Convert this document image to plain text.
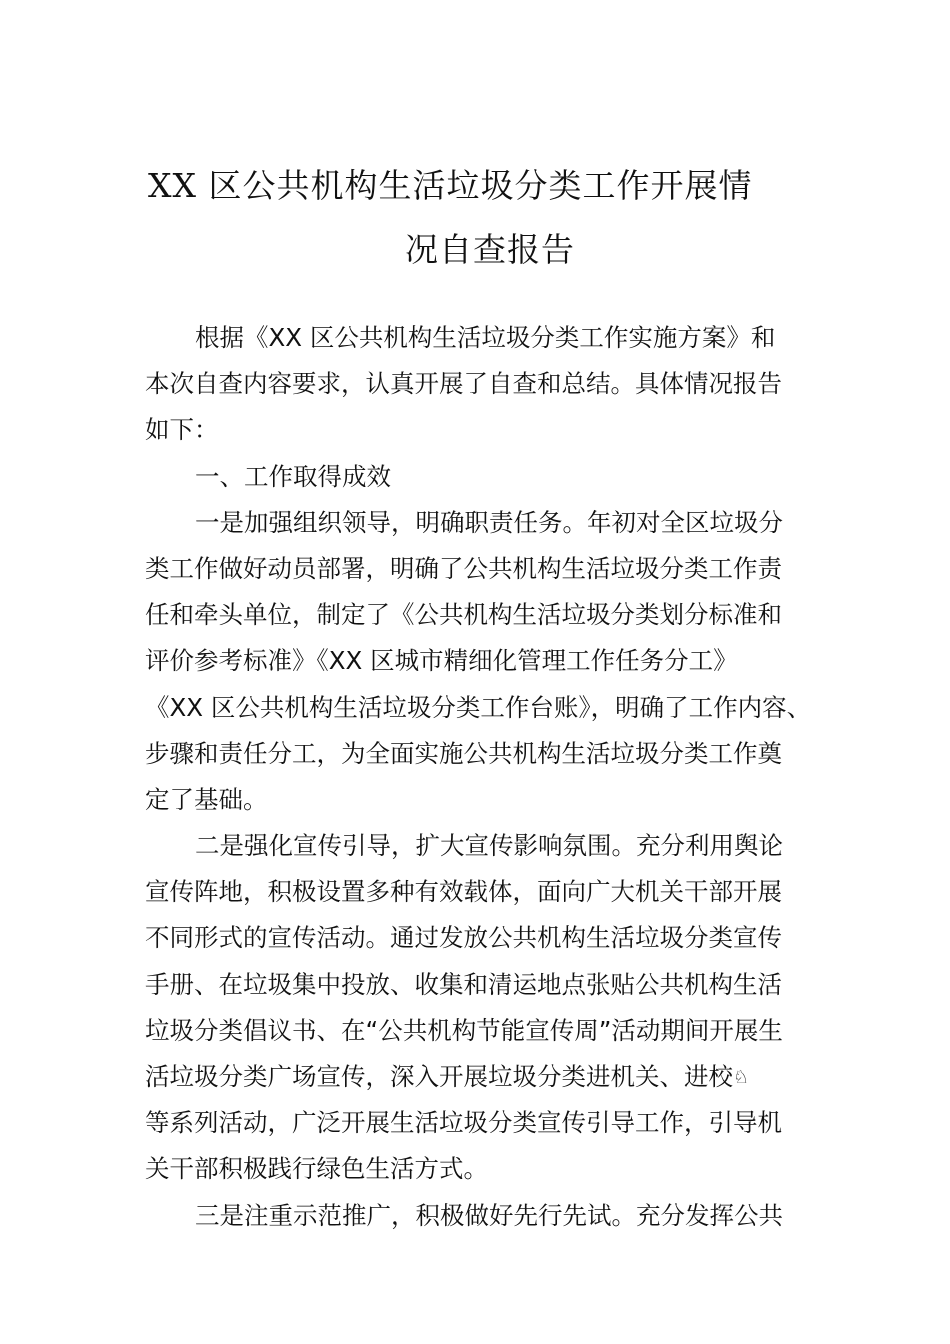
XX 区公共机构生活垃圾分类工作开展情
况自查报告
根据《XX 区公共机构生活垃圾分类工作实施方案》和
本次自查内容要求，认真开展了自查和总结。具体情况报告
如下：
一、工作取得成效
一是加强组织领导，明确职责任务。年初对全区垃圾分
类工作做好动员部署，明确了公共机构生活垃圾分类工作责
任和牵头单位，制定了《公共机构生活垃圾分类划分标准和
评价参考标准》《XX 区城市精细化管理工作任务分工》
《XX 区公共机构生活垃圾分类工作台账》，明确了工作内容、
步骤和责任分工，为全面实施公共机构生活垃圾分类工作奠
定了基础。
二是强化宣传引导，扩大宣传影响氛围。充分利用舆论
宣传阵地，积极设置多种有效载体，面向广大机关干部开展
不同形式的宣传活动。通过发放公共机构生活垃圾分类宣传
手册、在垃圾集中投放、收集和清运地点张贴公共机构生活
垃圾分类倡议书、在“公共机构节能宣传周”活动期间开展生
活垃圾分类广场宣传，深入开展垃圾分类进机关、进校♘
等系列活动，广泛开展生活垃圾分类宣传引导工作，引导机
关干部积极践行绿色生活方式。
三是注重示范推广，积极做好先行先试。充分发挥公共
